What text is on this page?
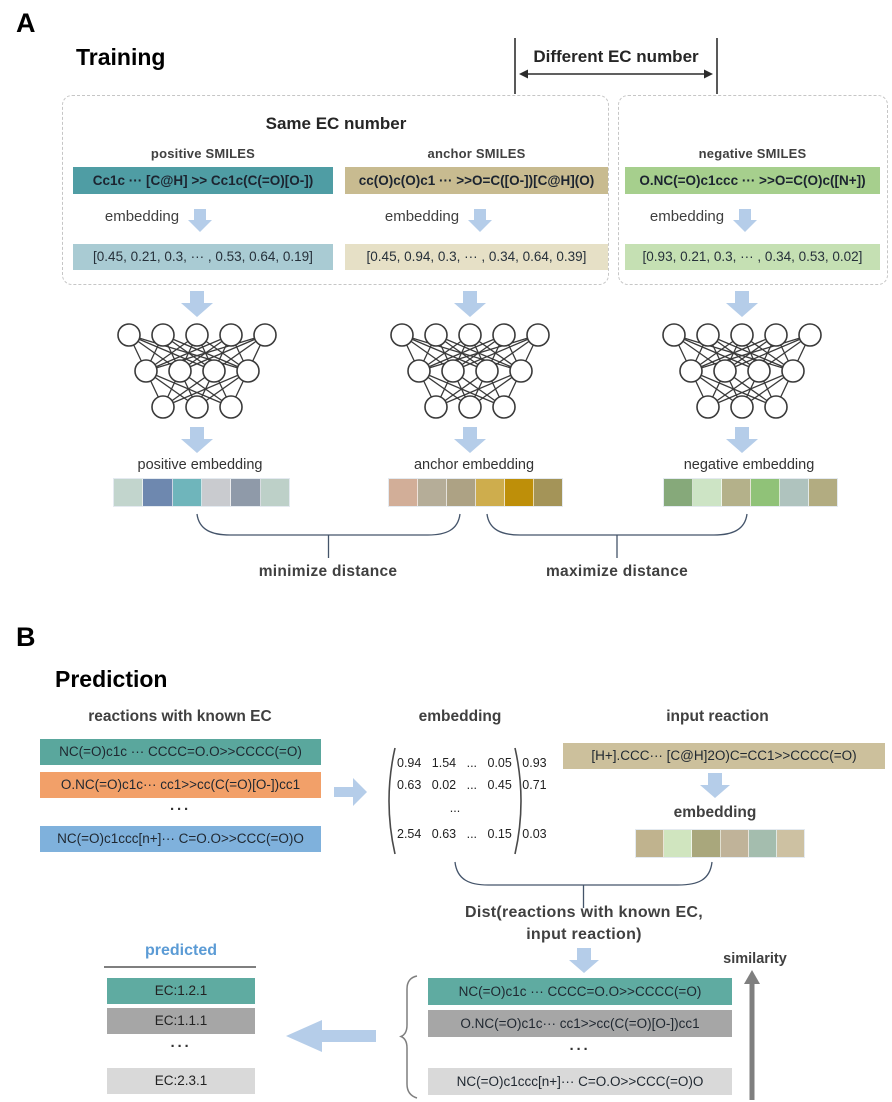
A
Training	Different EC number
Same EC number
positive SMILES	anchor SMILES	negative SMILES
Cc1c ··· [C@H] >> Cc1c(C(=O)[O-])	cc(O)c(O)c1 ··· >>O=C([O-])[C@H](O)	O.NC(=O)c1ccc ··· >>O=C(O)c([N+])
embedding	embedding	embedding
[0.45, 0.21, 0.3, ··· , 0.53, 0.64, 0.19]	[0.45, 0.94, 0.3, ··· , 0.34, 0.64, 0.39]	[0.93, 0.21, 0.3, ··· , 0.34, 0.53, 0.02]
positive embedding	anchor embedding	negative embedding
minimize distance	maximize distance
B
Prediction
reactions with known EC
NC(=O)c1c ··· CCCC=O.O>>CCCC(=O)
O.NC(=O)c1c··· cc1>>cc(C(=O)[O-])cc1
···
NC(=O)c1ccc[n+]··· C=O.O>>CCC(=O)O
embedding
0.94 1.54 ... 0.05 0.93
0.63 0.02 ... 0.45 0.71
...
2.54 0.63 ... 0.15 0.03
input reaction
[H+].CCC··· [C@H]2O)C=CC1>>CCCC(=O)
embedding
Dist(reactions with known EC,
input reaction)
similarity
NC(=O)c1c ··· CCCC=O.O>>CCCC(=O)
O.NC(=O)c1c··· cc1>>cc(C(=O)[O-])cc1
···
NC(=O)c1ccc[n+]··· C=O.O>>CCC(=O)O
predicted
EC:1.2.1
EC:1.1.1
···
EC:2.3.1
